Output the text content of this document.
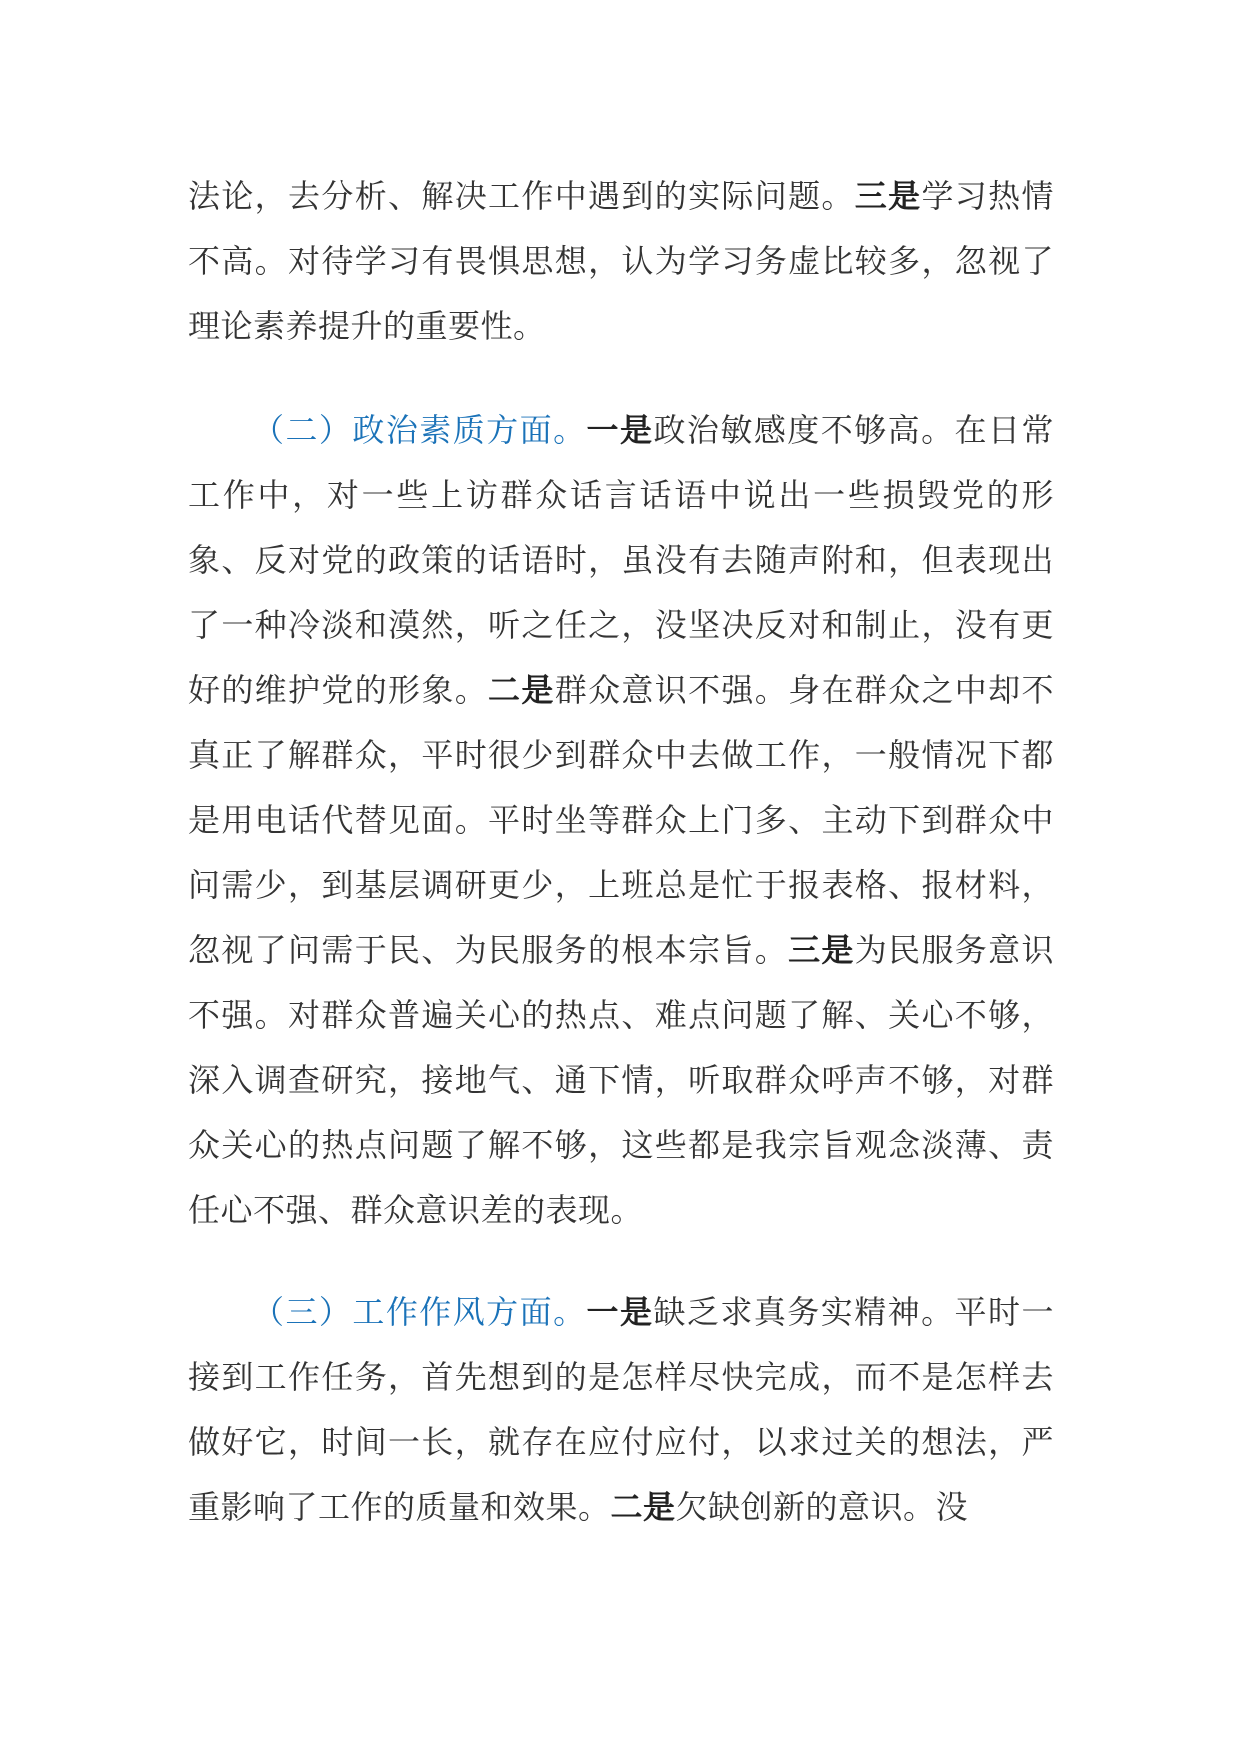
法论，去分析、解决工作中遇到的实际问题。三是学习热情不高。对待学习有畏惧思想，认为学习务虚比较多，忽视了理论素养提升的重要性。

（二）政治素质方面。一是政治敏感度不够高。在日常工作中，对一些上访群众话言话语中说出一些损毁党的形象、反对党的政策的话语时，虽没有去随声附和，但表现出了一种冷淡和漠然，听之任之，没坚决反对和制止，没有更好的维护党的形象。二是群众意识不强。身在群众之中却不真正了解群众，平时很少到群众中去做工作，一般情况下都是用电话代替见面。平时坐等群众上门多、主动下到群众中问需少，到基层调研更少，上班总是忙于报表格、报材料，忽视了问需于民、为民服务的根本宗旨。三是为民服务意识不强。对群众普遍关心的热点、难点问题了解、关心不够，深入调查研究，接地气、通下情，听取群众呼声不够，对群众关心的热点问题了解不够，这些都是我宗旨观念淡薄、责任心不强、群众意识差的表现。

（三）工作作风方面。一是缺乏求真务实精神。平时一接到工作任务，首先想到的是怎样尽快完成，而不是怎样去做好它，时间一长，就存在应付应付，以求过关的想法，严重影响了工作的质量和效果。二是欠缺创新的意识。没
